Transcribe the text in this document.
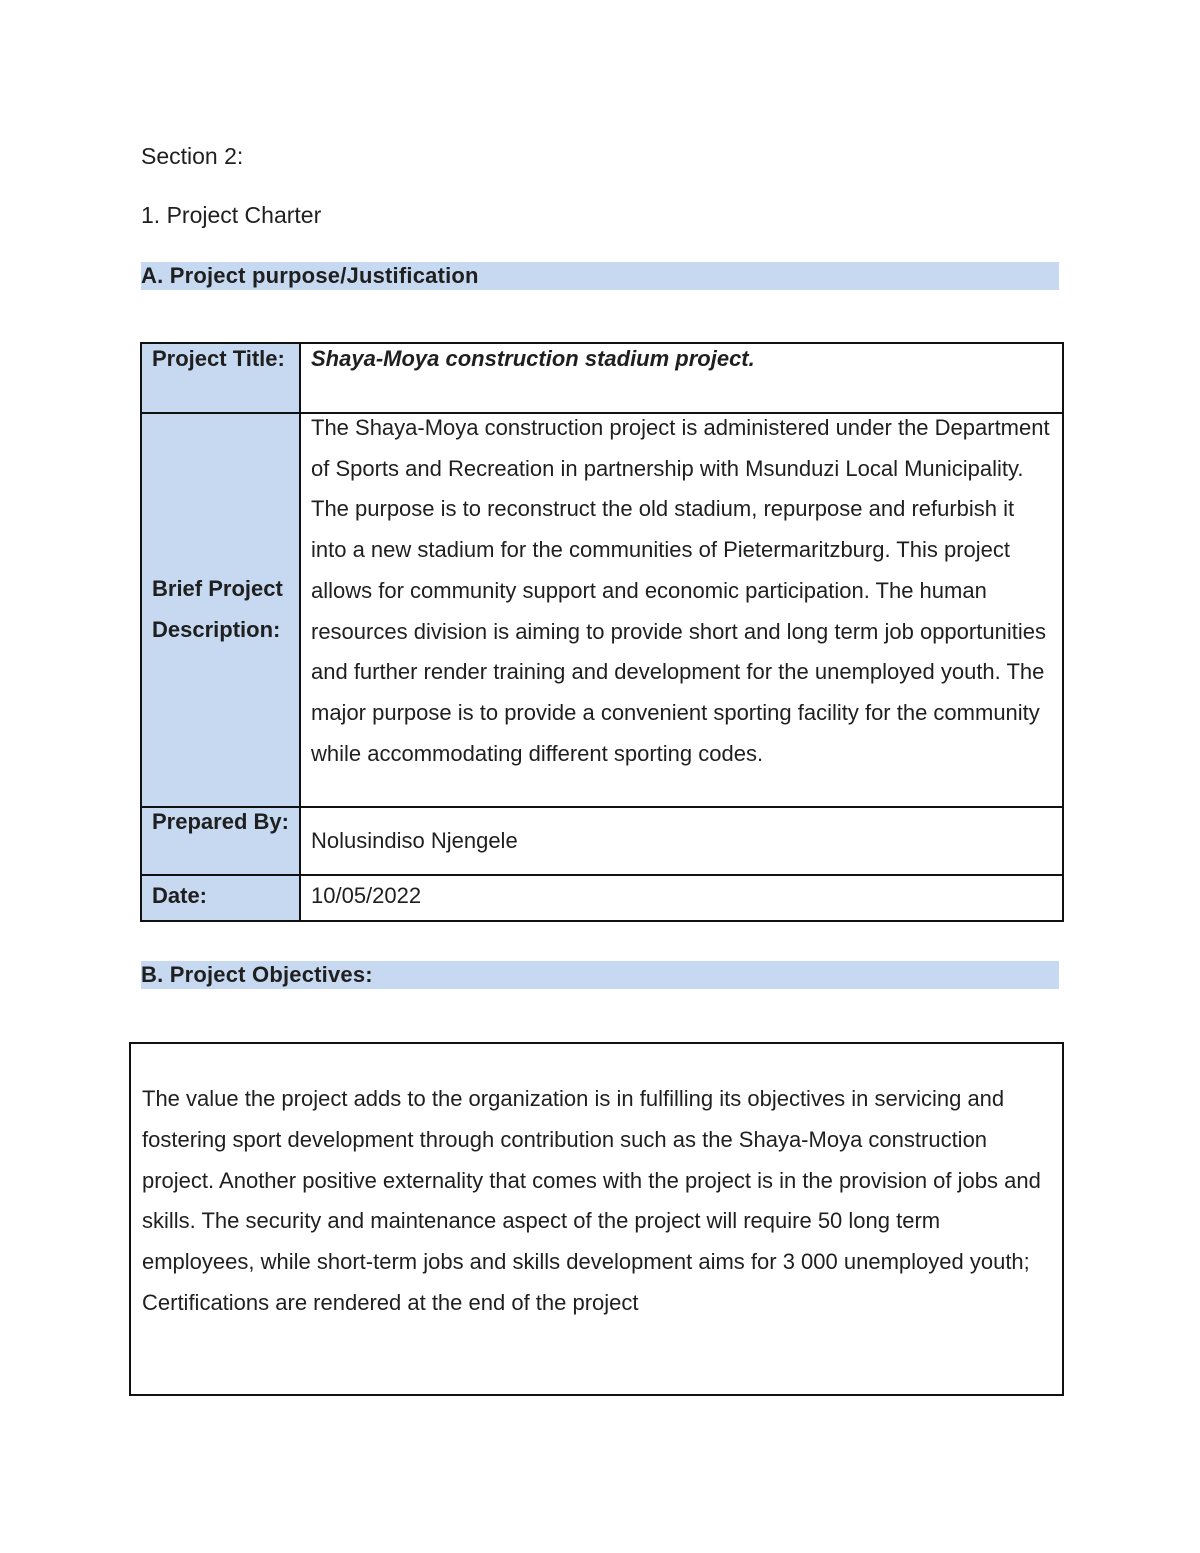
Section 2:
1. Project Charter
A. Project purpose/Justification
Project Title:	Shaya-Moya construction stadium project.

Brief Project Description:	The Shaya-Moya construction project is administered under the Department of Sports and Recreation in partnership with Msunduzi Local Municipality. The purpose is to reconstruct the old stadium, repurpose and refurbish it into a new stadium for the communities of Pietermaritzburg. This project allows for community support and economic participation. The human resources division is aiming to provide short and long term job opportunities and further render training and development for the unemployed youth. The major purpose is to provide a convenient sporting facility for the community while accommodating different sporting codes.

Prepared By:	Nolusindiso Njengele

Date:	10/05/2022
B. Project Objectives:
The value the project adds to the organization is in fulfilling its objectives in servicing and fostering sport development through contribution such as the Shaya-Moya construction project. Another positive externality that comes with the project is in the provision of jobs and skills. The security and maintenance aspect of the project will require 50 long term employees, while short-term jobs and skills development aims for 3 000 unemployed youth; Certifications are rendered at the end of the project
